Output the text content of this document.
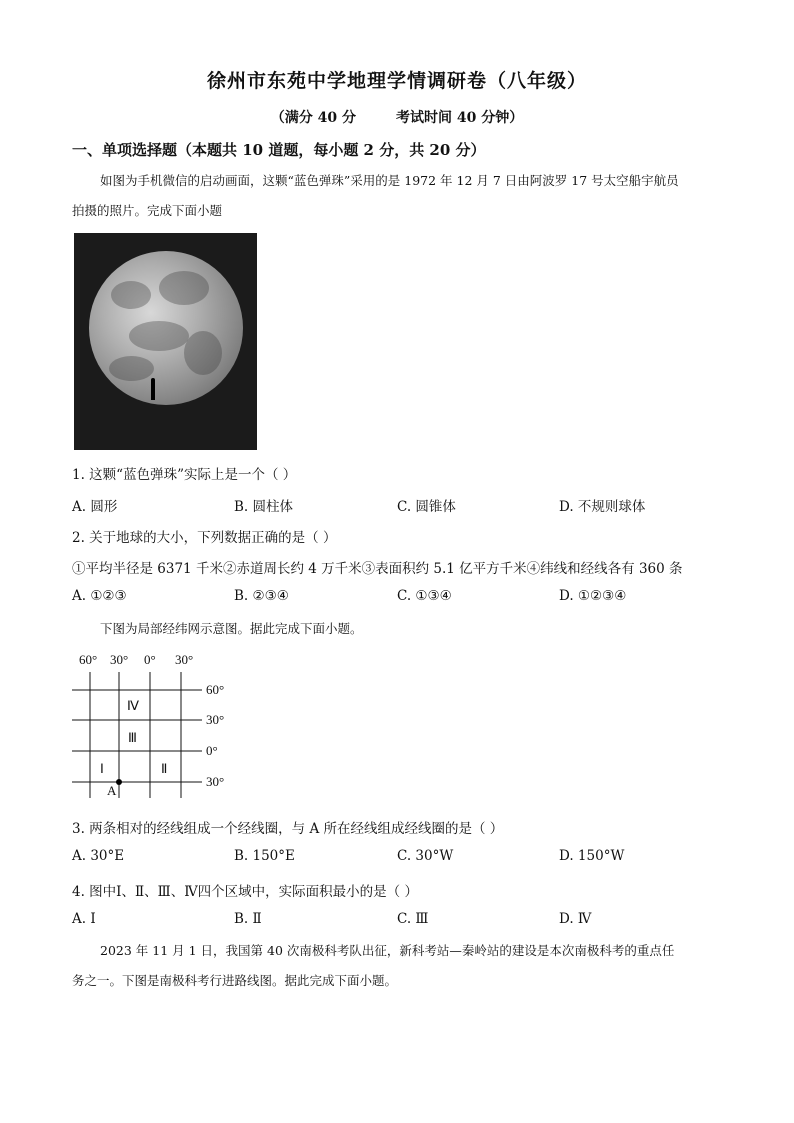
徐州市东苑中学地理学情调研卷（八年级）
（满分 40 分	考试时间 40 分钟）
一、单项选择题（本题共 10 道题，每小题 2 分，共 20 分）
如图为手机微信的启动画面，这颗“蓝色弹珠”采用的是 1972 年 12 月 7 日由阿波罗 17 号太空船宇航员
拍摄的照片。完成下面小题
1. 这颗“蓝色弹珠”实际上是一个（ ）
A. 圆形	B. 圆柱体	C. 圆锥体	D. 不规则球体
2. 关于地球的大小，下列数据正确的是（ ）
①平均半径是 6371 千米②赤道周长约 4 万千米③表面积约 5.1 亿平方千米④纬线和经线各有 360 条
A. ①②③	B. ②③④	C. ①③④	D. ①②③④
下图为局部经纬网示意图。据此完成下面小题。
60° 30° 0° 30°
60°
30°
0°
30°
Ⅳ
Ⅲ
Ⅰ	Ⅱ
A
3. 两条相对的经线组成一个经线圈，与 A 所在经线组成经线圈的是（ ）
A. 30°E	B. 150°E	C. 30°W	D. 150°W
4. 图中Ⅰ、Ⅱ、Ⅲ、Ⅳ四个区域中，实际面积最小的是（ ）
A. Ⅰ	B. Ⅱ	C. Ⅲ	D. Ⅳ
2023 年 11 月 1 日，我国第 40 次南极科考队出征，新科考站—秦岭站的建设是本次南极科考的重点任
务之一。下图是南极科考行进路线图。据此完成下面小题。
